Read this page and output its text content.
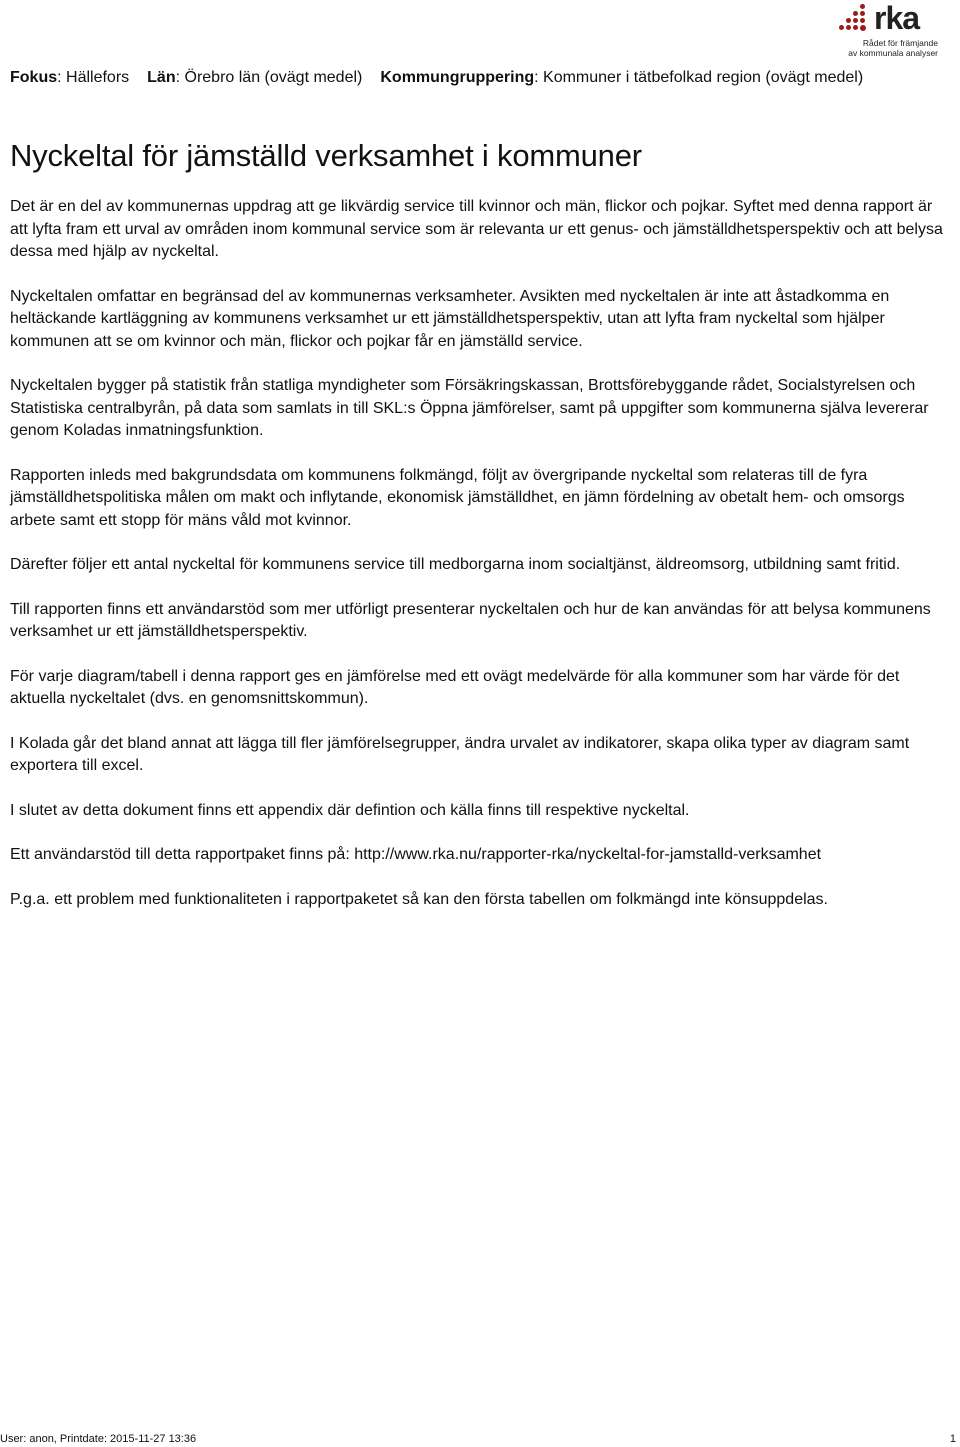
rka
Rådet för främjande
av kommunala analyser
Fokus: Hällefors Län: Örebro län (ovägt medel) Kommungruppering: Kommuner i tätbefolkad region (ovägt medel)
Nyckeltal för jämställd verksamhet i kommuner

Det är en del av kommunernas uppdrag att ge likvärdig service till kvinnor och män, flickor och pojkar. Syftet med denna rapport är att lyfta fram ett urval av områden inom kommunal service som är relevanta ur ett genus- och jämställdhetsperspektiv och att belysa dessa med hjälp av nyckeltal.

Nyckeltalen omfattar en begränsad del av kommunernas verksamheter. Avsikten med nyckeltalen är inte att åstadkomma en heltäckande kartläggning av kommunens verksamhet ur ett jämställdhetsperspektiv, utan att lyfta fram nyckeltal som hjälper kommunen att se om kvinnor och män, flickor och pojkar får en jämställd service.

Nyckeltalen bygger på statistik från statliga myndigheter som Försäkringskassan, Brottsförebyggande rådet, Socialstyrelsen och Statistiska centralbyrån, på data som samlats in till SKL:s Öppna jämförelser, samt på uppgifter som kommunerna själva levererar genom Koladas inmatningsfunktion.

Rapporten inleds med bakgrundsdata om kommunens folkmängd, följt av övergripande nyckeltal som relateras till de fyra jämställdhetspolitiska målen om makt och inflytande, ekonomisk jämställdhet, en jämn fördelning av obetalt hem- och omsorgs arbete samt ett stopp för mäns våld mot kvinnor.

Därefter följer ett antal nyckeltal för kommunens service till medborgarna inom socialtjänst, äldreomsorg, utbildning samt fritid.

Till rapporten finns ett användarstöd som mer utförligt presenterar nyckeltalen och hur de kan användas för att belysa kommunens verksamhet ur ett jämställdhetsperspektiv.

För varje diagram/tabell i denna rapport ges en jämförelse med ett ovägt medelvärde för alla kommuner som har värde för det aktuella nyckeltalet (dvs. en genomsnittskommun).

I Kolada går det bland annat att lägga till fler jämförelsegrupper, ändra urvalet av indikatorer, skapa olika typer av diagram samt exportera till excel.

I slutet av detta dokument finns ett appendix där defintion och källa finns till respektive nyckeltal.

Ett användarstöd till detta rapportpaket finns på: http://www.rka.nu/rapporter-rka/nyckeltal-for-jamstalld-verksamhet

P.g.a. ett problem med funktionaliteten i rapportpaketet så kan den första tabellen om folkmängd inte könsuppdelas.

User: anon, Printdate: 2015-11-27 13:36	1
